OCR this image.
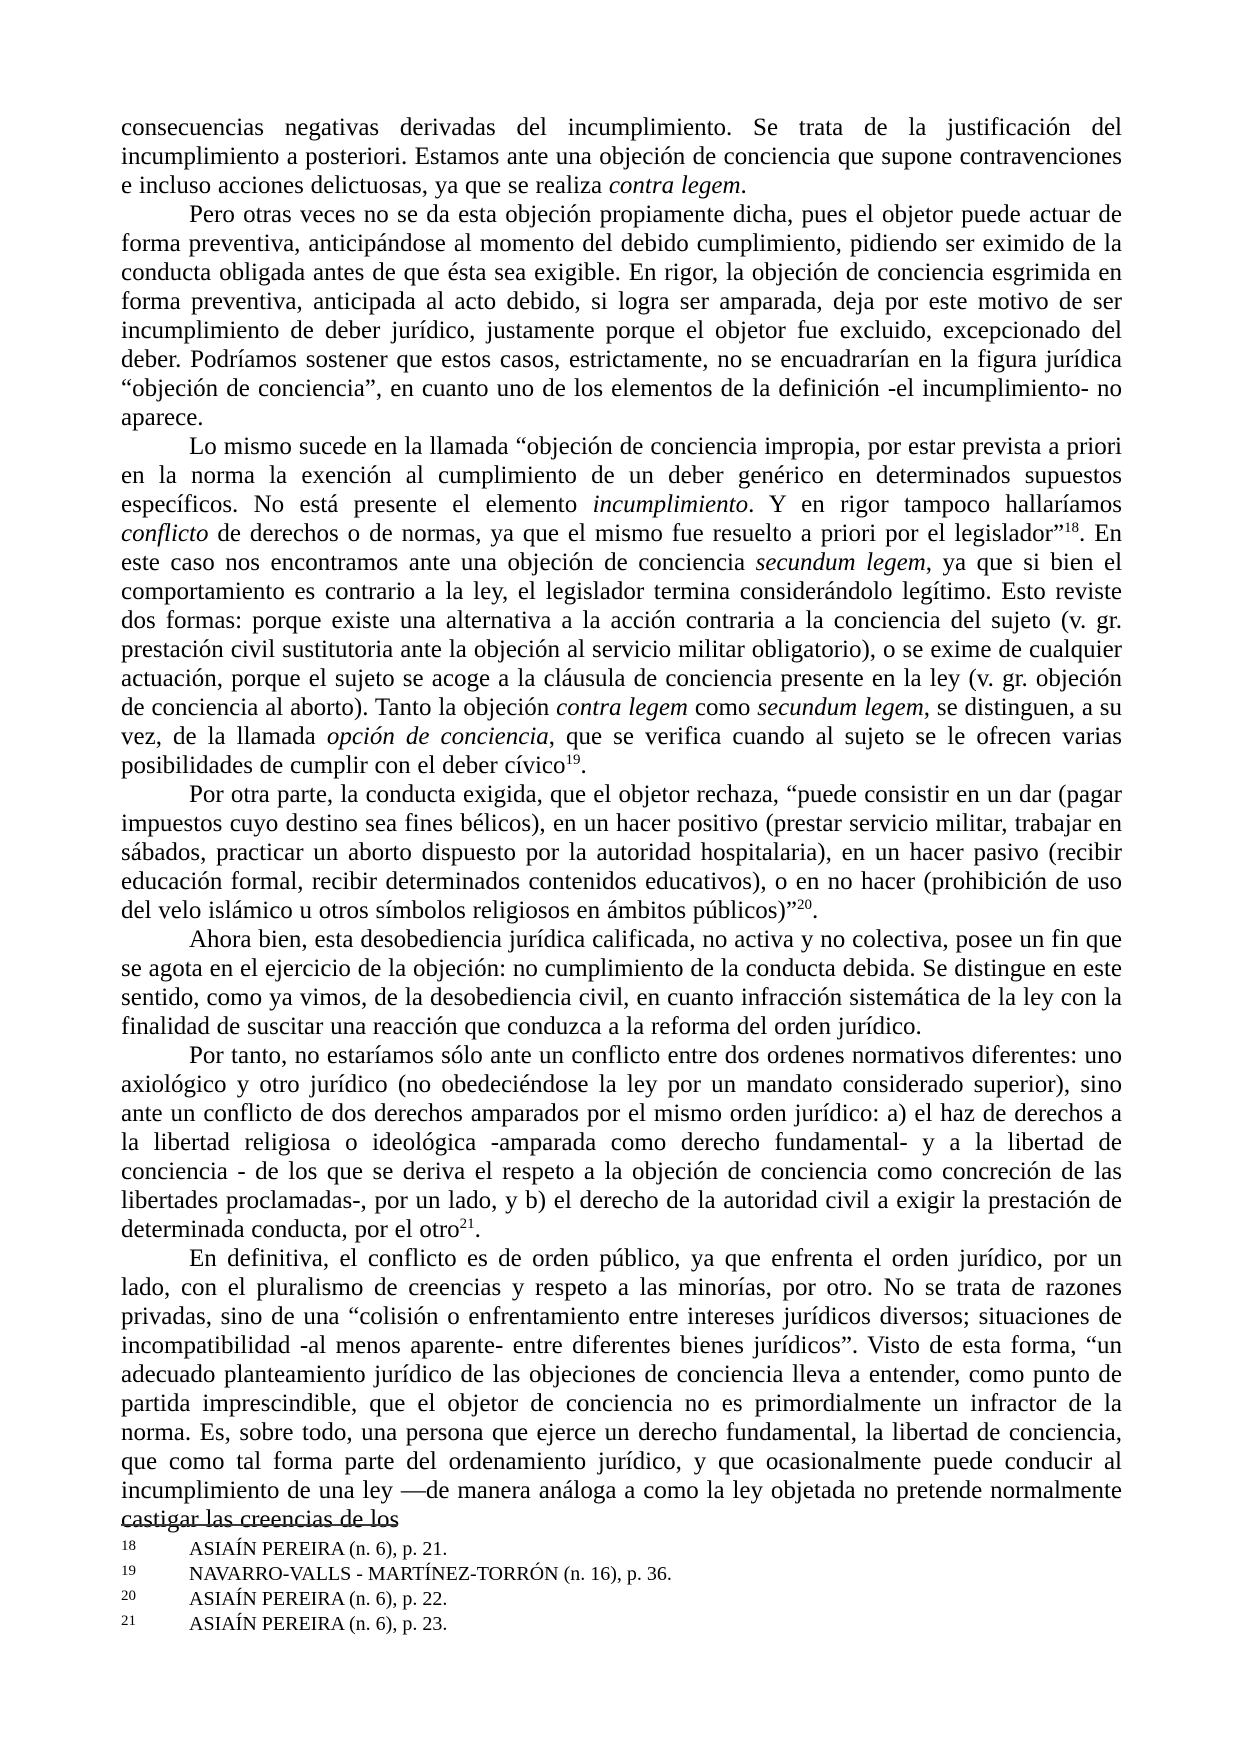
consecuencias negativas derivadas del incumplimiento. Se trata de la justificación del incumplimiento a posteriori. Estamos ante una objeción de conciencia que supone contravenciones e incluso acciones delictuosas, ya que se realiza contra legem.

Pero otras veces no se da esta objeción propiamente dicha, pues el objetor puede actuar de forma preventiva, anticipándose al momento del debido cumplimiento, pidiendo ser eximido de la conducta obligada antes de que ésta sea exigible. En rigor, la objeción de conciencia esgrimida en forma preventiva, anticipada al acto debido, si logra ser amparada, deja por este motivo de ser incumplimiento de deber jurídico, justamente porque el objetor fue excluido, excepcionado del deber. Podríamos sostener que estos casos, estrictamente, no se encuadrarían en la figura jurídica “objeción de conciencia”, en cuanto uno de los elementos de la definición -el incumplimiento- no aparece.

Lo mismo sucede en la llamada “objeción de conciencia impropia, por estar prevista a priori en la norma la exención al cumplimiento de un deber genérico en determinados supuestos específicos. No está presente el elemento incumplimiento. Y en rigor tampoco hallaríamos conflicto de derechos o de normas, ya que el mismo fue resuelto a priori por el legislador”$^{18}$. En este caso nos encontramos ante una objeción de conciencia secundum legem, ya que si bien el comportamiento es contrario a la ley, el legislador termina considerándolo legítimo. Esto reviste dos formas: porque existe una alternativa a la acción contraria a la conciencia del sujeto (v. gr. prestación civil sustitutoria ante la objeción al servicio militar obligatorio), o se exime de cualquier actuación, porque el sujeto se acoge a la cláusula de conciencia presente en la ley (v. gr. objeción de conciencia al aborto). Tanto la objeción contra legem como secundum legem, se distinguen, a su vez, de la llamada opción de conciencia, que se verifica cuando al sujeto se le ofrecen varias posibilidades de cumplir con el deber cívico$^{19}$.

Por otra parte, la conducta exigida, que el objetor rechaza, “puede consistir en un dar (pagar impuestos cuyo destino sea fines bélicos), en un hacer positivo (prestar servicio militar, trabajar en sábados, practicar un aborto dispuesto por la autoridad hospitalaria), en un hacer pasivo (recibir educación formal, recibir determinados contenidos educativos), o en no hacer (prohibición de uso del velo islámico u otros símbolos religiosos en ámbitos públicos)”$^{20}$.

Ahora bien, esta desobediencia jurídica calificada, no activa y no colectiva, posee un fin que se agota en el ejercicio de la objeción: no cumplimiento de la conducta debida. Se distingue en este sentido, como ya vimos, de la desobediencia civil, en cuanto infracción sistemática de la ley con la finalidad de suscitar una reacción que conduzca a la reforma del orden jurídico.

Por tanto, no estaríamos sólo ante un conflicto entre dos ordenes normativos diferentes: uno axiológico y otro jurídico (no obedeciéndose la ley por un mandato considerado superior), sino ante un conflicto de dos derechos amparados por el mismo orden jurídico: a) el haz de derechos a la libertad religiosa o ideológica -amparada como derecho fundamental- y a la libertad de conciencia - de los que se deriva el respeto a la objeción de conciencia como concreción de las libertades proclamadas-, por un lado, y b) el derecho de la autoridad civil a exigir la prestación de determinada conducta, por el otro$^{21}$.

En definitiva, el conflicto es de orden público, ya que enfrenta el orden jurídico, por un lado, con el pluralismo de creencias y respeto a las minorías, por otro. No se trata de razones privadas, sino de una “colisión o enfrentamiento entre intereses jurídicos diversos; situaciones de incompatibilidad -al menos aparente- entre diferentes bienes jurídicos”. Visto de esta forma, “un adecuado planteamiento jurídico de las objeciones de conciencia lleva a entender, como punto de partida imprescindible, que el objetor de conciencia no es primordialmente un infractor de la norma. Es, sobre todo, una persona que ejerce un derecho fundamental, la libertad de conciencia, que como tal forma parte del ordenamiento jurídico, y que ocasionalmente puede conducir al incumplimiento de una ley —de manera análoga a como la ley objetada no pretende normalmente castigar las creencias de los

18	ASIAÍN PEREIRA (n. 6), p. 21.
19	NAVARRO-VALLS - MARTÍNEZ-TORRÓN (n. 16), p. 36.
20	ASIAÍN PEREIRA (n. 6), p. 22.
21	ASIAÍN PEREIRA (n. 6), p. 23.
